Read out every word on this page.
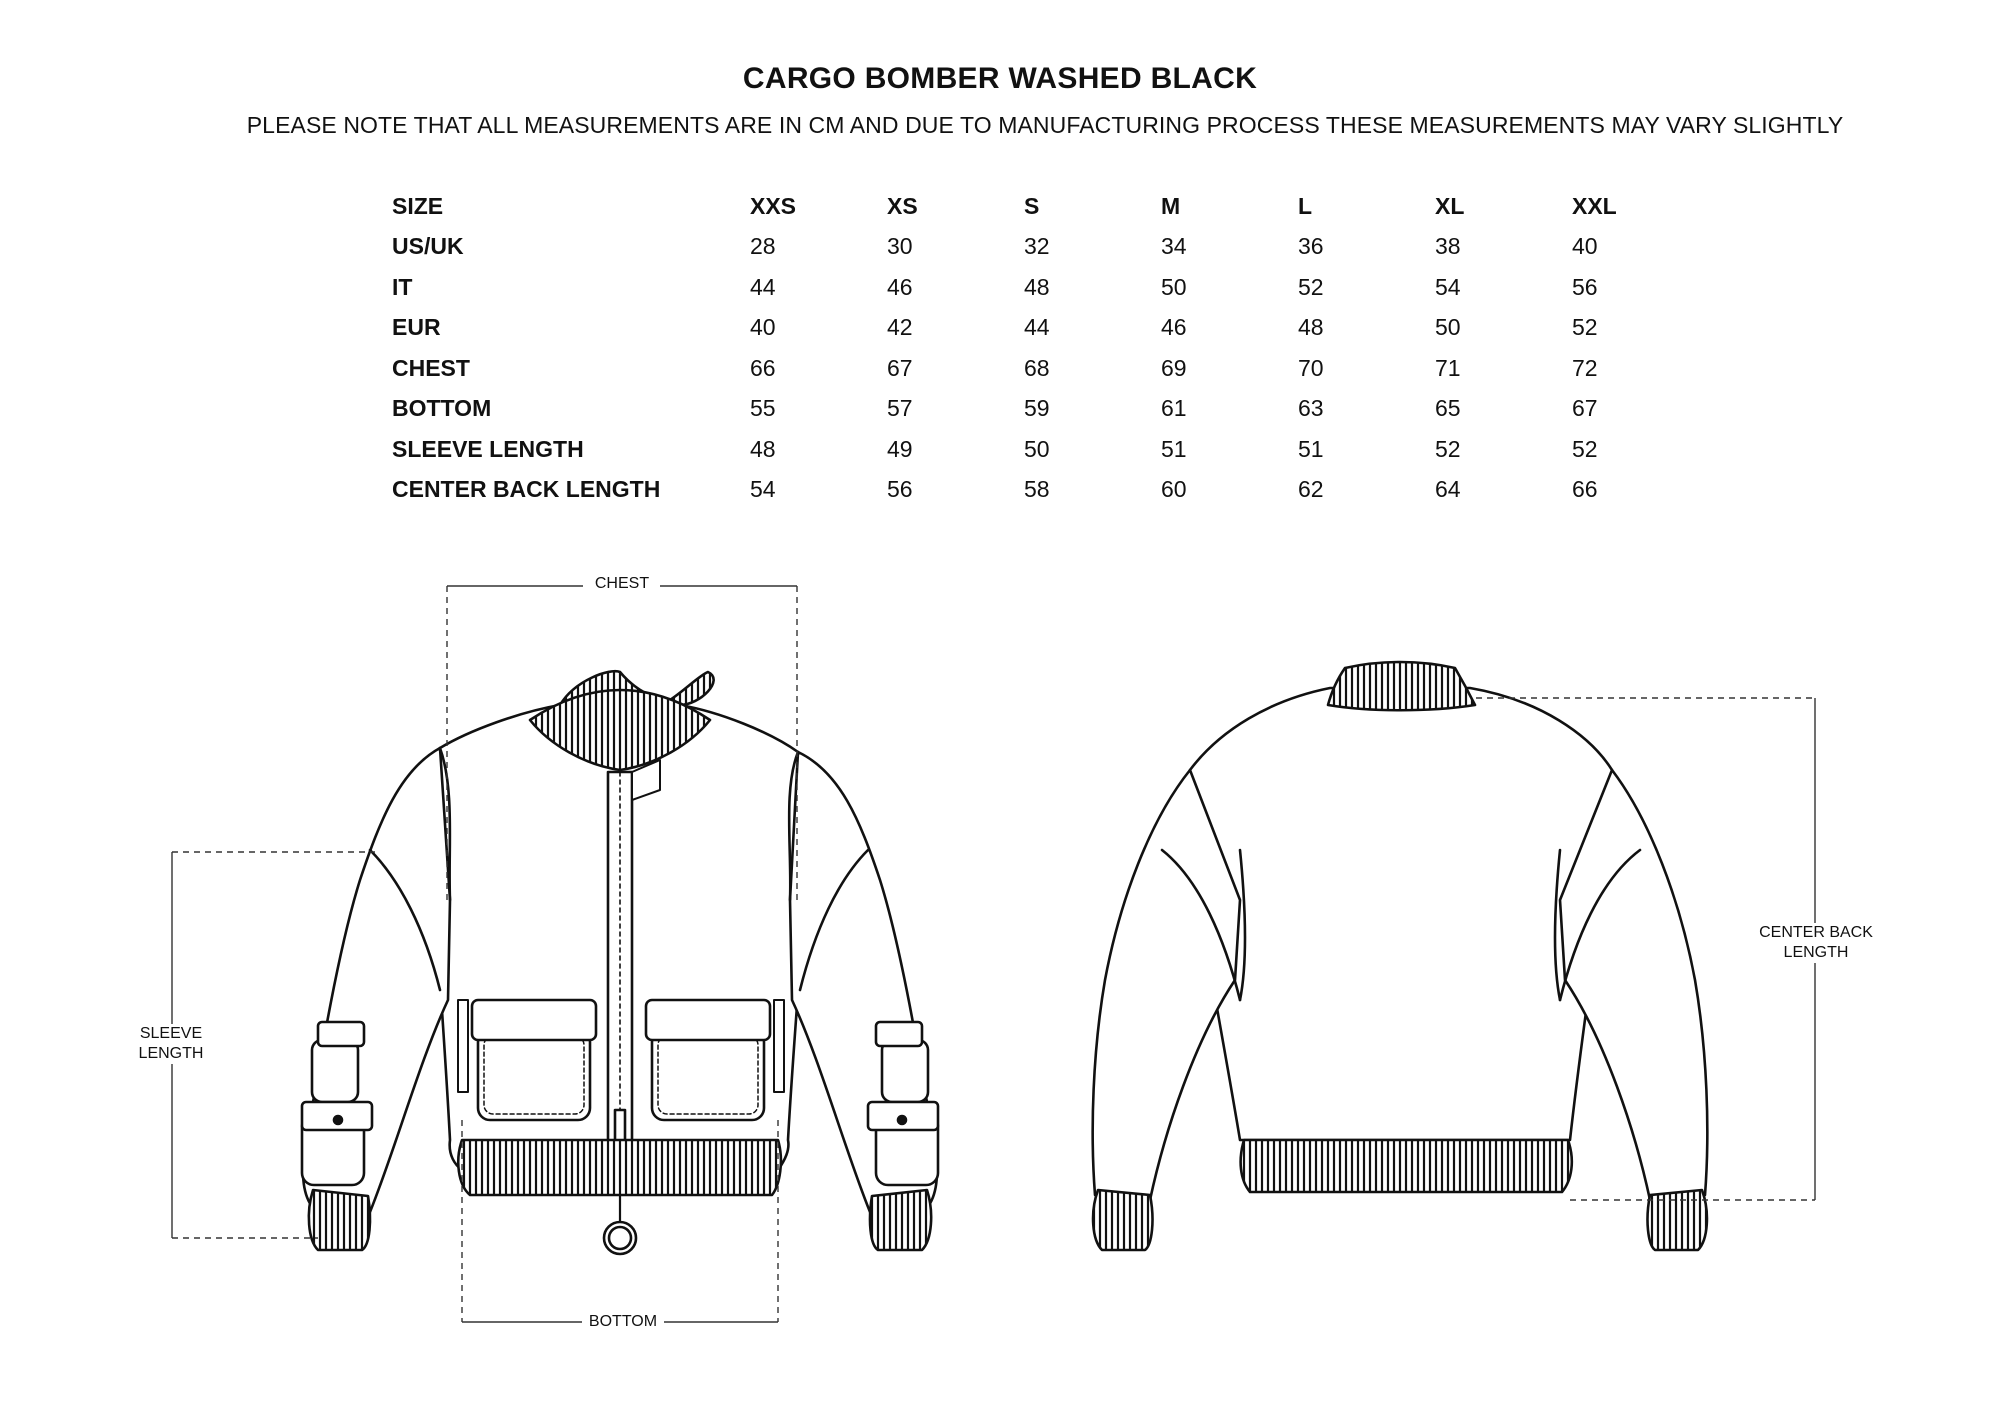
CARGO BOMBER WASHED BLACK
PLEASE NOTE THAT ALL MEASUREMENTS ARE IN CM AND DUE TO MANUFACTURING PROCESS THESE MEASUREMENTS MAY VARY SLIGHTLY
SIZE	XXS	XS	S	M	L	XL	XXL
US/UK	28	30	32	34	36	38	40
IT	44	46	48	50	52	54	56
EUR	40	42	44	46	48	50	52
CHEST	66	67	68	69	70	71	72
BOTTOM	55	57	59	61	63	65	67
SLEEVE LENGTH	48	49	50	51	51	52	52
CENTER BACK LENGTH	54	56	58	60	62	64	66
CHEST
BOTTOM
SLEEVE
LENGTH
CENTER BACK
LENGTH
